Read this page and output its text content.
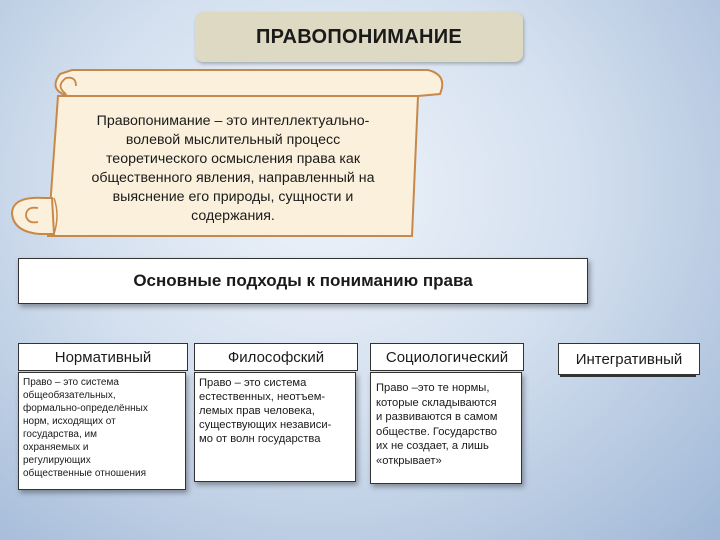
ПРАВОПОНИМАНИЕ
Правопонимание – это интеллектуально-
волевой мыслительный процесс
теоретического осмысления права как
общественного явления, направленный на
выяснение его природы, сущности и
содержания.
Основные подходы к пониманию права
Нормативный
Право – это система
общеобязательных,
формально-определённых
норм, исходящих от
государства, им
охраняемых и
регулирующих
общественные отношения
Философский
Право – это система
естественных, неотъем-
лемых прав человека,
существующих независи-
мо от волн государства
Социологический
Право –это те нормы,
которые складываются
и развиваются в самом
обществе. Государство
их не создает, а лишь
«открывает»
Интегративный
